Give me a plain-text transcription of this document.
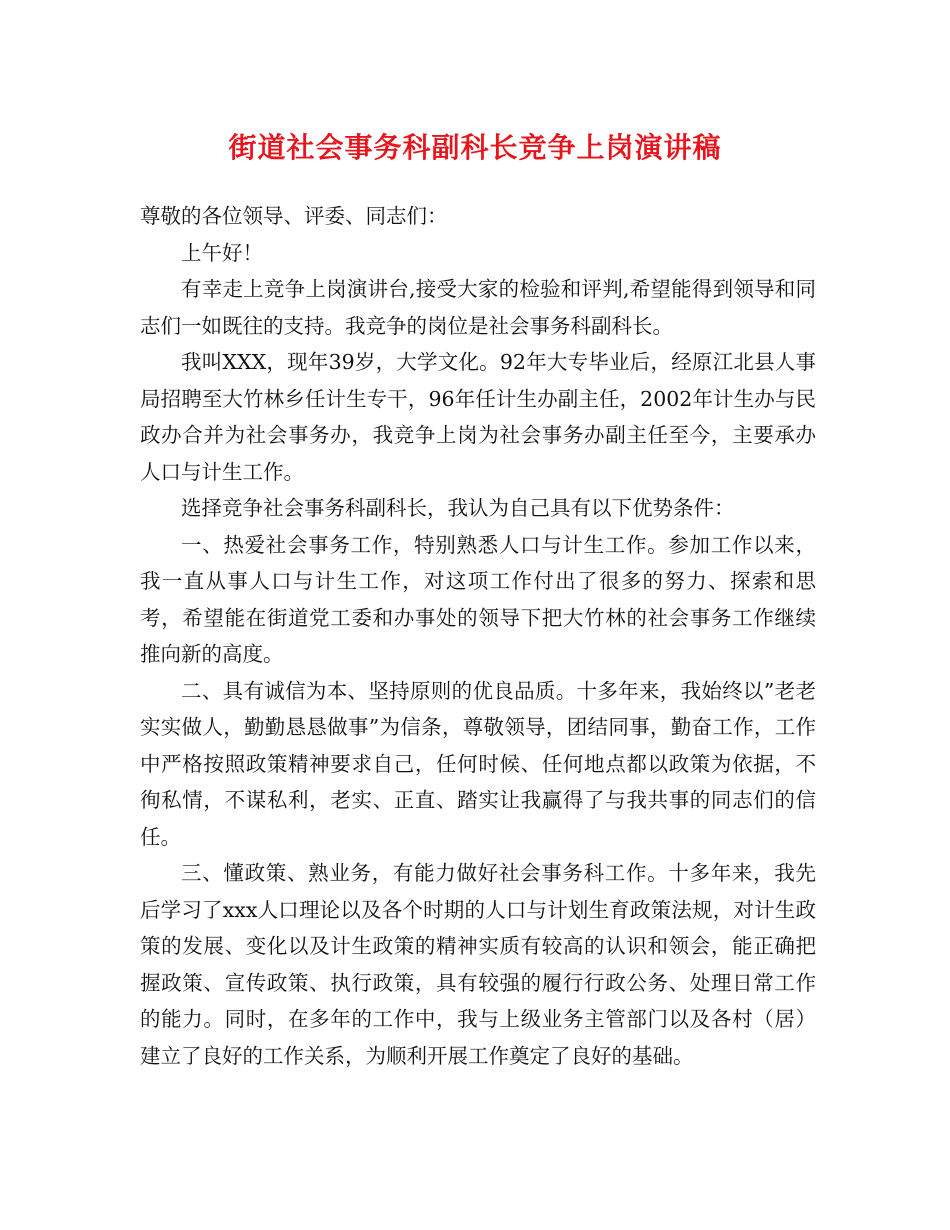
街道社会事务科副科长竞争上岗演讲稿

尊敬的各位领导、评委、同志们：

上午好！

有幸走上竞争上岗演讲台,接受大家的检验和评判,希望能得到领导和同志们一如既往的支持。我竞争的岗位是社会事务科副科长。

我叫XXX，现年39岁，大学文化。92年大专毕业后，经原江北县人事局招聘至大竹林乡任计生专干，96年任计生办副主任，2002年计生办与民政办合并为社会事务办，我竞争上岗为社会事务办副主任至今，主要承办人口与计生工作。

选择竞争社会事务科副科长，我认为自己具有以下优势条件：

一、热爱社会事务工作，特别熟悉人口与计生工作。参加工作以来，我一直从事人口与计生工作，对这项工作付出了很多的努力、探索和思考，希望能在街道党工委和办事处的领导下把大竹林的社会事务工作继续推向新的高度。

二、具有诚信为本、坚持原则的优良品质。十多年来，我始终以”老老实实做人，勤勤恳恳做事”为信条，尊敬领导，团结同事，勤奋工作，工作中严格按照政策精神要求自己，任何时候、任何地点都以政策为依据，不徇私情，不谋私利，老实、正直、踏实让我赢得了与我共事的同志们的信任。

三、懂政策、熟业务，有能力做好社会事务科工作。十多年来，我先后学习了xxx人口理论以及各个时期的人口与计划生育政策法规，对计生政策的发展、变化以及计生政策的精神实质有较高的认识和领会，能正确把握政策、宣传政策、执行政策，具有较强的履行行政公务、处理日常工作的能力。同时，在多年的工作中，我与上级业务主管部门以及各村（居）建立了良好的工作关系，为顺利开展工作奠定了良好的基础。
